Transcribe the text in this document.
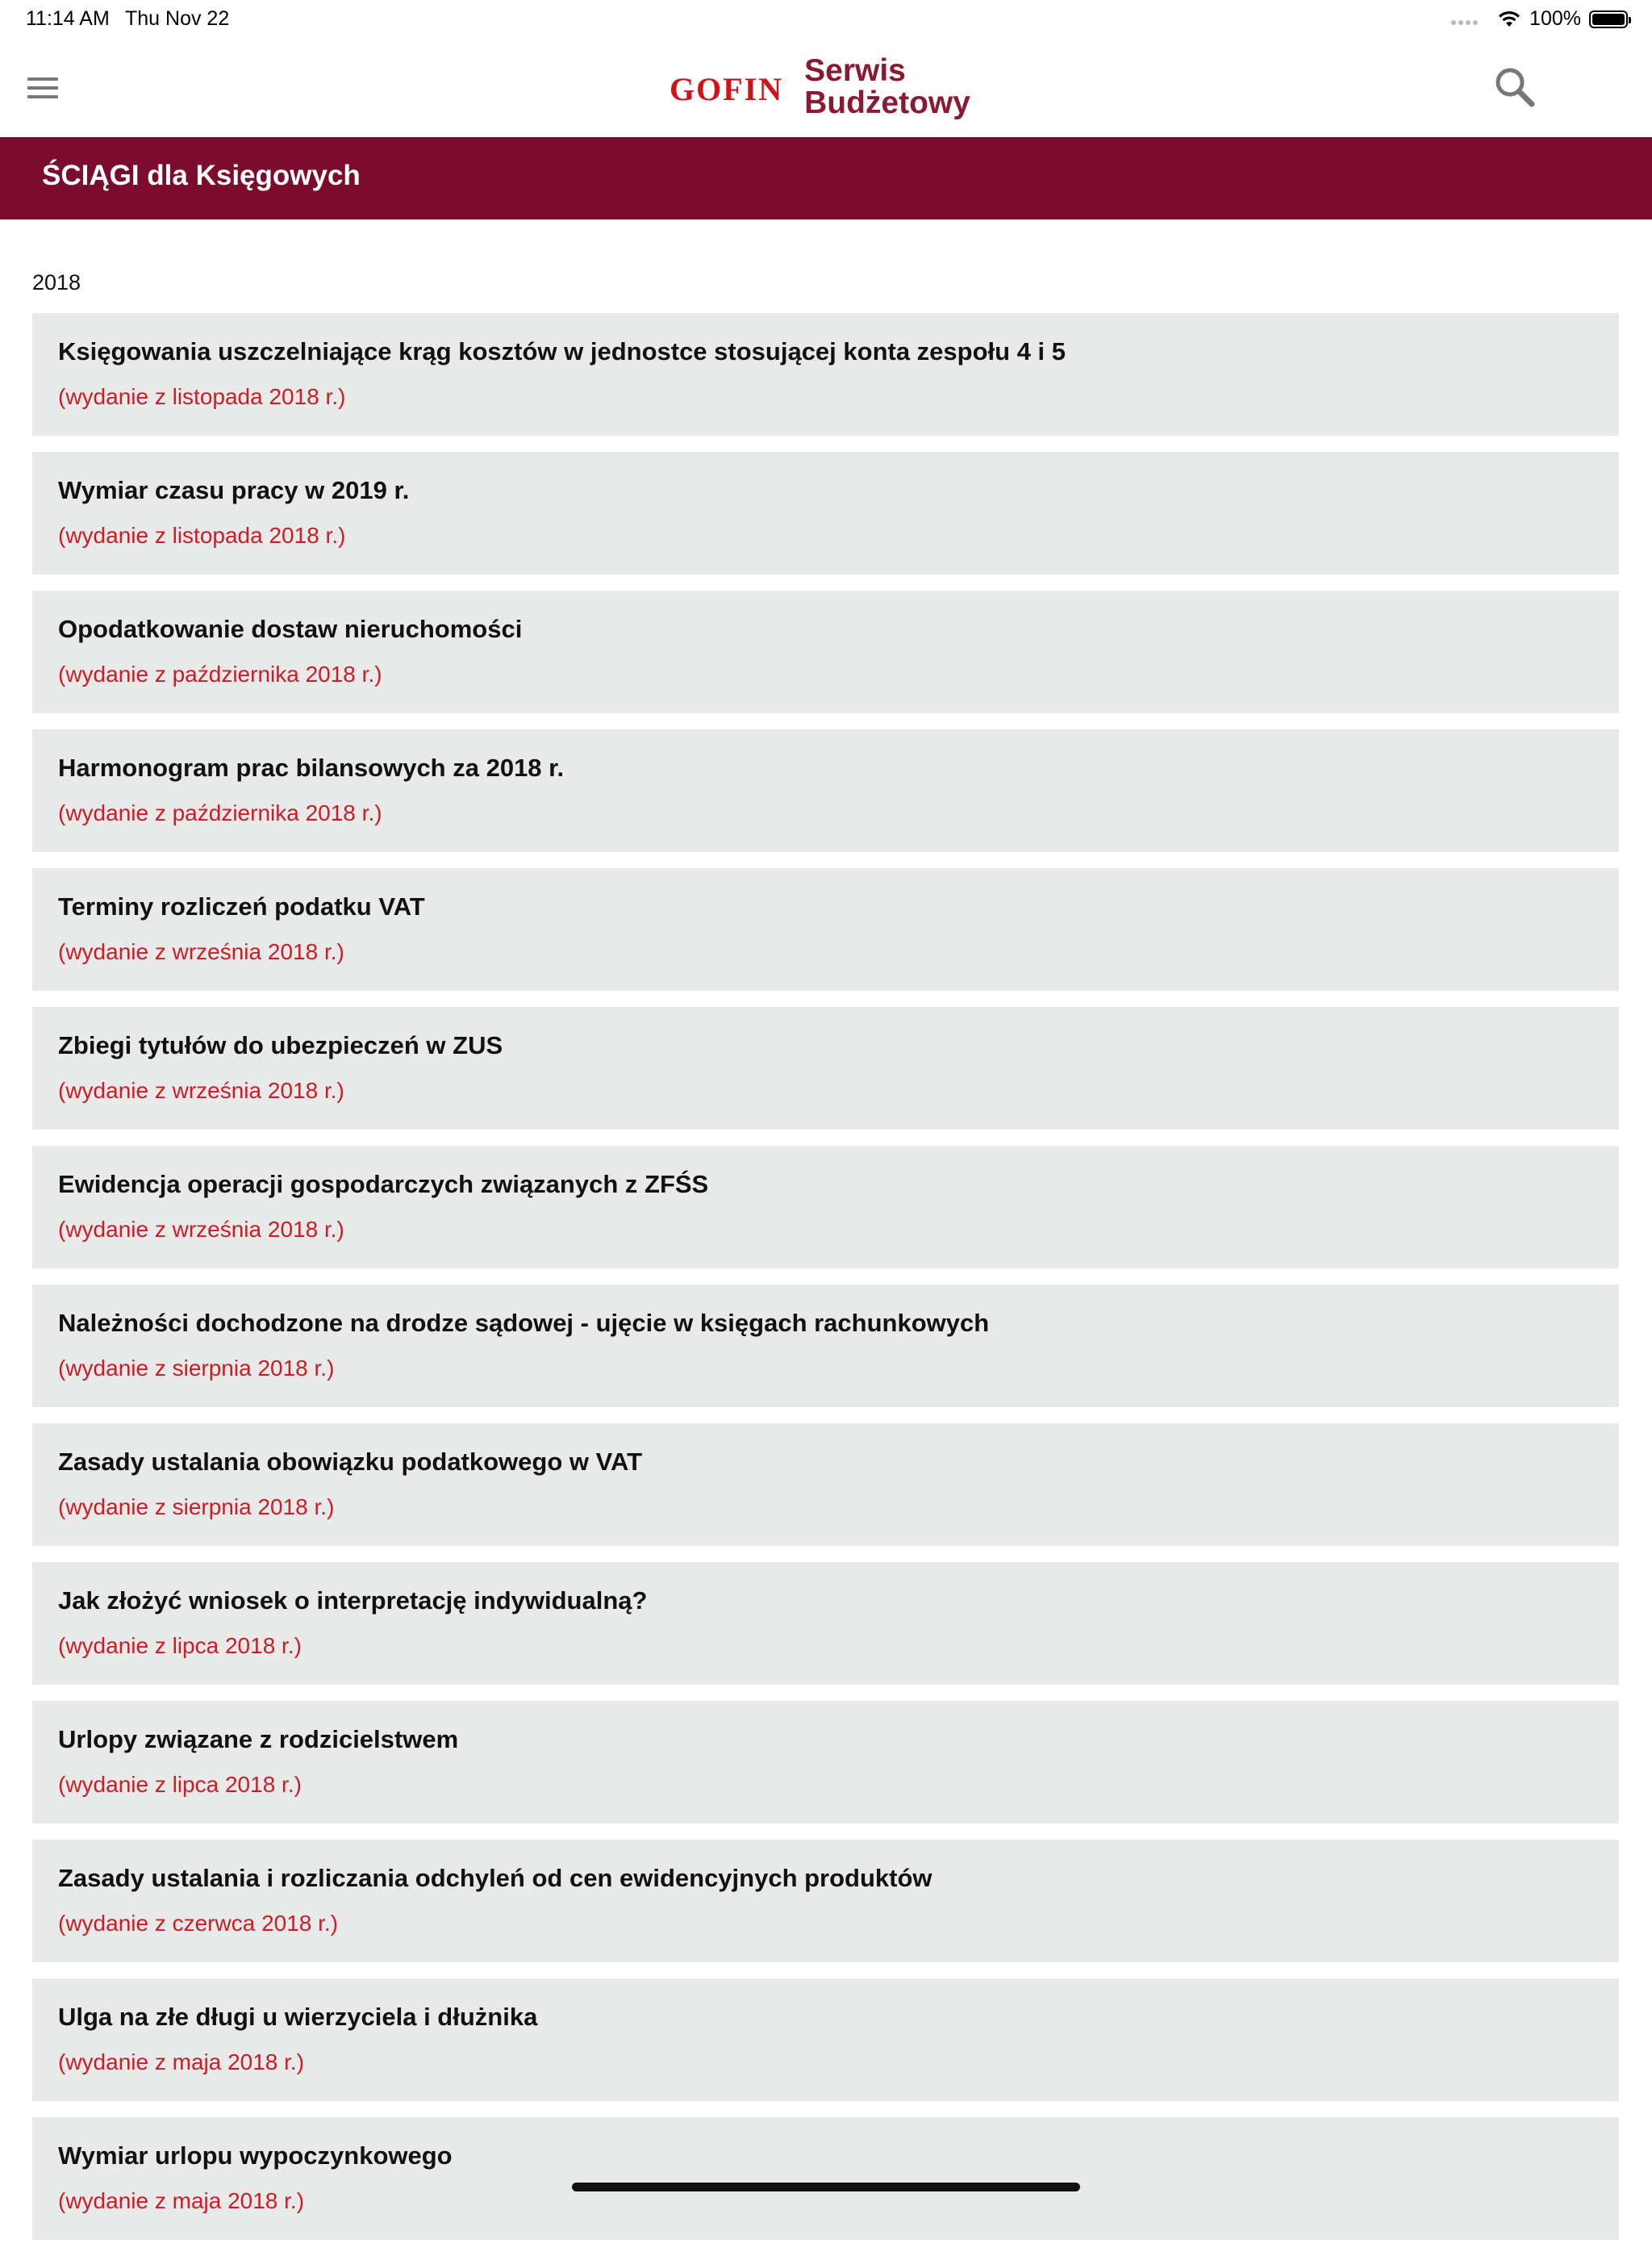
11:14 AM Thu Nov 22	100%
GOFIN Serwis
Budżetowy
ŚCIĄGI dla Księgowych
2018
Księgowania uszczelniające krąg kosztów w jednostce stosującej konta zespołu 4 i 5
(wydanie z listopada 2018 r.)
Wymiar czasu pracy w 2019 r.
(wydanie z listopada 2018 r.)
Opodatkowanie dostaw nieruchomości
(wydanie z października 2018 r.)
Harmonogram prac bilansowych za 2018 r.
(wydanie z października 2018 r.)
Terminy rozliczeń podatku VAT
(wydanie z września 2018 r.)
Zbiegi tytułów do ubezpieczeń w ZUS
(wydanie z września 2018 r.)
Ewidencja operacji gospodarczych związanych z ZFŚS
(wydanie z września 2018 r.)
Należności dochodzone na drodze sądowej - ujęcie w księgach rachunkowych
(wydanie z sierpnia 2018 r.)
Zasady ustalania obowiązku podatkowego w VAT
(wydanie z sierpnia 2018 r.)
Jak złożyć wniosek o interpretację indywidualną?
(wydanie z lipca 2018 r.)
Urlopy związane z rodzicielstwem
(wydanie z lipca 2018 r.)
Zasady ustalania i rozliczania odchyleń od cen ewidencyjnych produktów
(wydanie z czerwca 2018 r.)
Ulga na złe długi u wierzyciela i dłużnika
(wydanie z maja 2018 r.)
Wymiar urlopu wypoczynkowego
(wydanie z maja 2018 r.)
